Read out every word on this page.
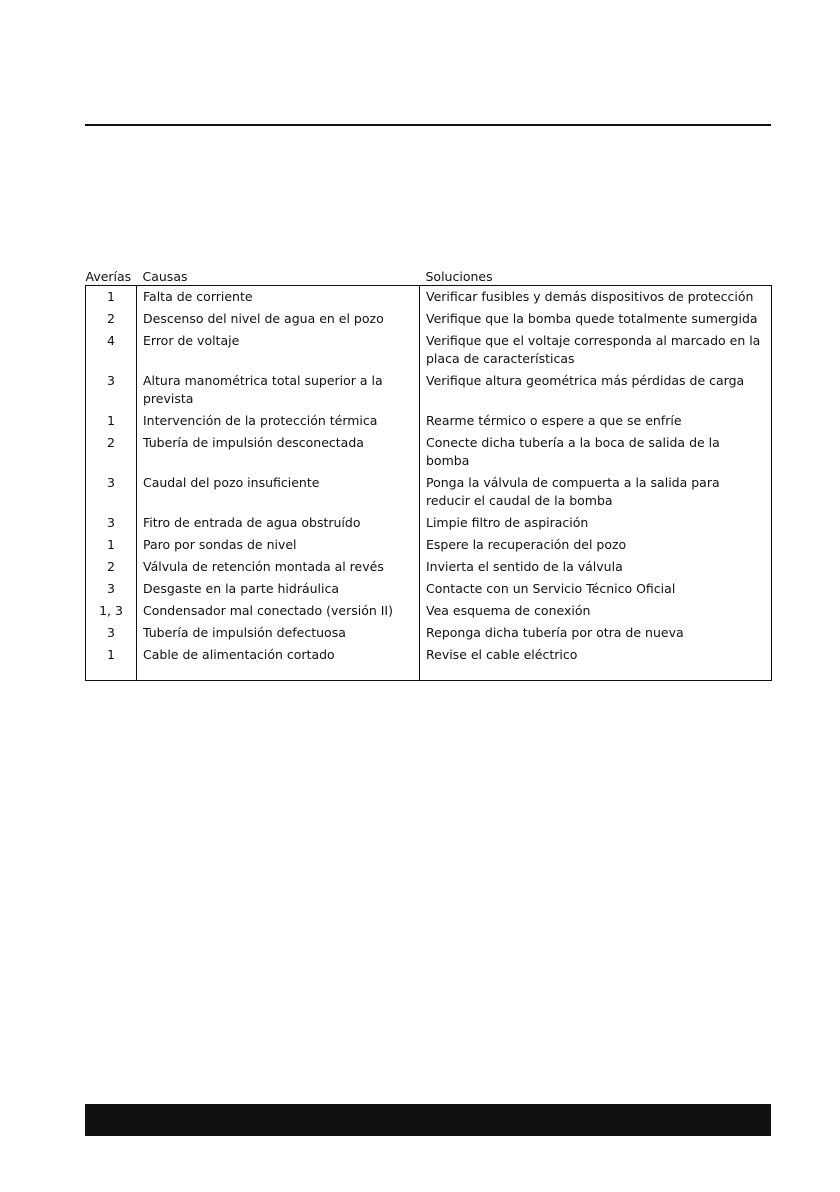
Averías	Causas	Soluciones
1	Falta de corriente	Verificar fusibles y demás dispositivos de protección
2	Descenso del nivel de agua en el pozo	Verifique que la bomba quede totalmente sumergida
4	Error de voltaje	Verifique que el voltaje corresponda al marcado en la placa de características
3	Altura manométrica total superior a la prevista	Verifique altura geométrica más pérdidas de carga
1	Intervención de la protección térmica	Rearme térmico o espere a que se enfríe
2	Tubería de impulsión desconectada	Conecte dicha tubería a la boca de salida de la bomba
3	Caudal del pozo insuficiente	Ponga la válvula de compuerta a la salida para reducir el caudal de la bomba
3	Fitro de entrada de agua obstruído	Limpie filtro de aspiración
1	Paro por sondas de nivel	Espere la recuperación del pozo
2	Válvula de retención montada al revés	Invierta el sentido de la válvula
3	Desgaste en la parte hidráulica	Contacte con un Servicio Técnico Oficial
1, 3	Condensador mal conectado (versión II)	Vea esquema de conexión
3	Tubería de impulsión defectuosa	Reponga dicha tubería por otra de nueva
1	Cable de alimentación cortado	Revise el cable eléctrico
